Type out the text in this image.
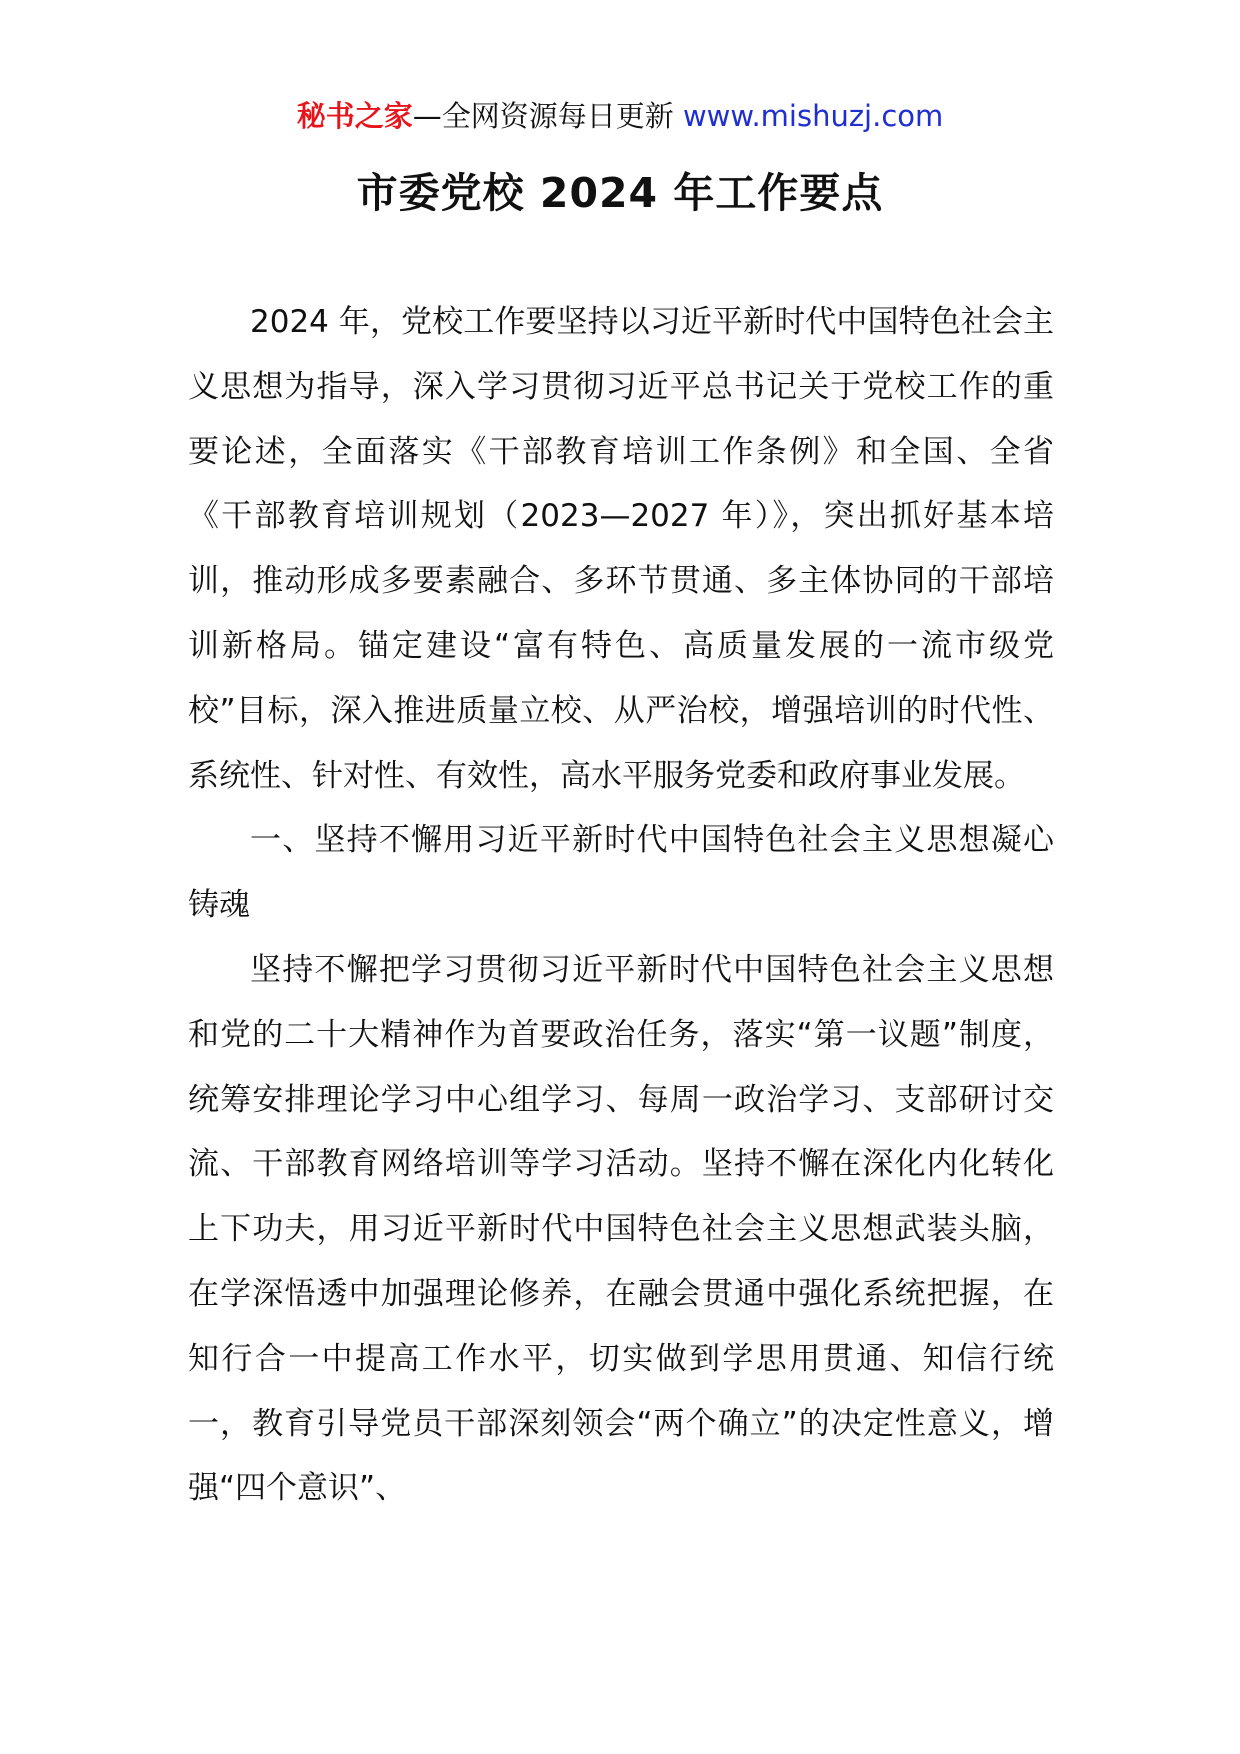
秘书之家—全网资源每日更新 www.mishuzj.com
市委党校 2024 年工作要点

2024 年，党校工作要坚持以习近平新时代中国特色社会主义思想为指导，深入学习贯彻习近平总书记关于党校工作的重要论述，全面落实《干部教育培训工作条例》和全国、全省《干部教育培训规划（2023—2027 年）》，突出抓好基本培训，推动形成多要素融合、多环节贯通、多主体协同的干部培训新格局。锚定建设“富有特色、高质量发展的一流市级党校”目标，深入推进质量立校、从严治校，增强培训的时代性、系统性、针对性、有效性，高水平服务党委和政府事业发展。

一、坚持不懈用习近平新时代中国特色社会主义思想凝心铸魂

坚持不懈把学习贯彻习近平新时代中国特色社会主义思想和党的二十大精神作为首要政治任务，落实“第一议题”制度，统筹安排理论学习中心组学习、每周一政治学习、支部研讨交流、干部教育网络培训等学习活动。坚持不懈在深化内化转化上下功夫，用习近平新时代中国特色社会主义思想武装头脑，在学深悟透中加强理论修养，在融会贯通中强化系统把握，在知行合一中提高工作水平，切实做到学思用贯通、知信行统一，教育引导党员干部深刻领会“两个确立”的决定性意义，增强“四个意识”、
